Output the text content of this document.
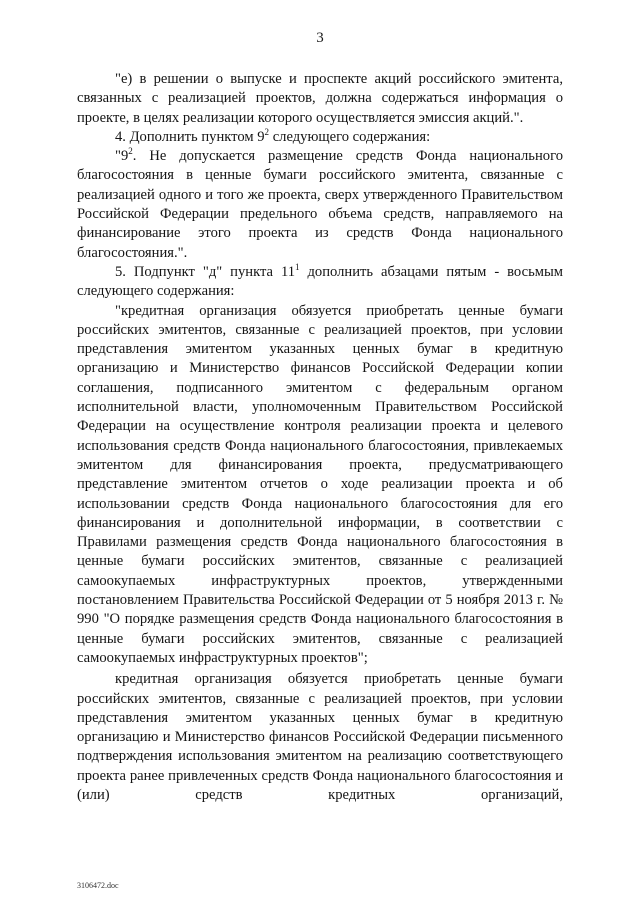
3

"е) в решении о выпуске и проспекте акций российского эмитента, связанных с реализацией проектов, должна содержаться информация о проекте, в целях реализации которого осуществляется эмиссия акций.".

4. Дополнить пунктом $9^2$ следующего содержания:

"$9^2$. Не допускается размещение средств Фонда национального благосостояния в ценные бумаги российского эмитента, связанные с реализацией одного и того же проекта, сверх утвержденного Правительством Российской Федерации предельного объема средств, направляемого на финансирование этого проекта из средств Фонда национального благосостояния.".

5. Подпункт "д" пункта $11^1$ дополнить абзацами пятым - восьмым следующего содержания:

"кредитная организация обязуется приобретать ценные бумаги российских эмитентов, связанные с реализацией проектов, при условии представления эмитентом указанных ценных бумаг в кредитную организацию и Министерство финансов Российской Федерации копии соглашения, подписанного эмитентом с федеральным органом исполнительной власти, уполномоченным Правительством Российской Федерации на осуществление контроля реализации проекта и целевого использования средств Фонда национального благосостояния, привлекаемых эмитентом для финансирования проекта, предусматривающего представление эмитентом отчетов о ходе реализации проекта и об использовании средств Фонда национального благосостояния для его финансирования и дополнительной информации, в соответствии с Правилами размещения средств Фонда национального благосостояния в ценные бумаги российских эмитентов, связанные с реализацией самоокупаемых инфраструктурных проектов, утвержденными постановлением Правительства Российской Федерации от 5 ноября 2013 г. № 990 "О порядке размещения средств Фонда национального благосостояния в ценные бумаги российских эмитентов, связанные с реализацией самоокупаемых инфраструктурных проектов";

кредитная организация обязуется приобретать ценные бумаги российских эмитентов, связанные с реализацией проектов, при условии представления эмитентом указанных ценных бумаг в кредитную организацию и Министерство финансов Российской Федерации письменного подтверждения использования эмитентом на реализацию соответствующего проекта ранее привлеченных средств Фонда национального благосостояния и (или) средств кредитных организаций,

3106472.doc
